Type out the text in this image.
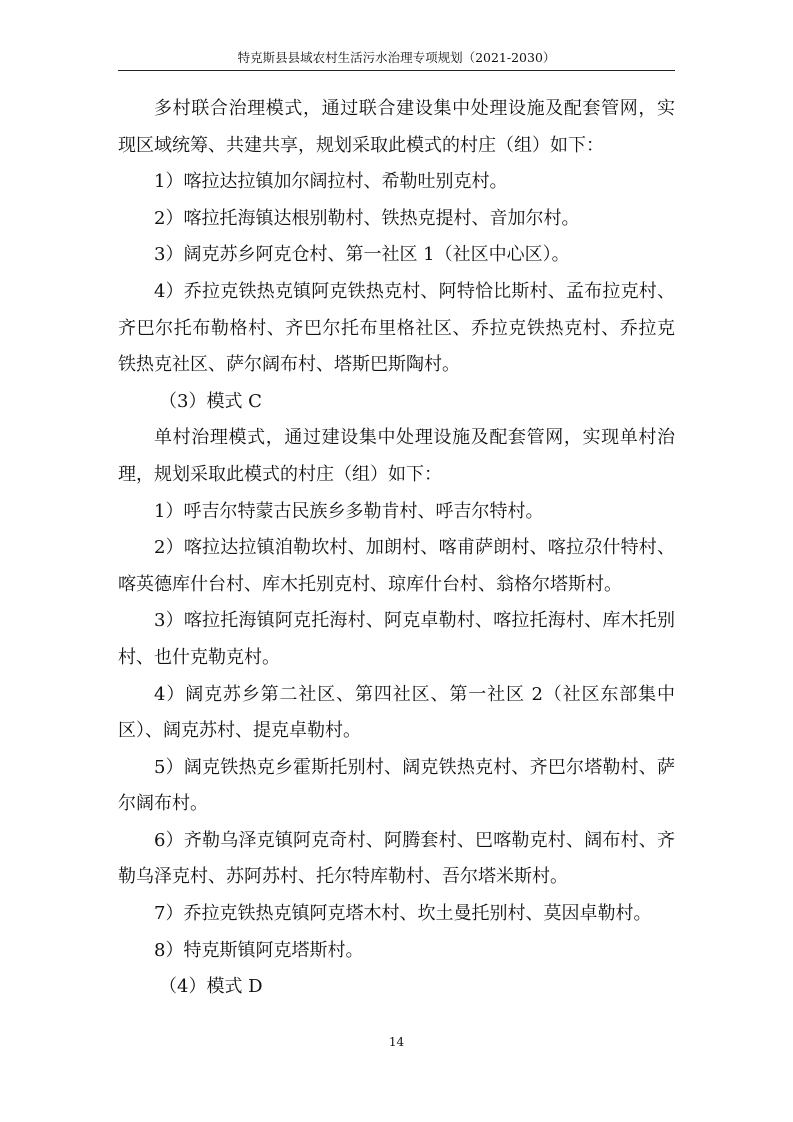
特克斯县县域农村生活污水治理专项规划（2021-2030）

多村联合治理模式，通过联合建设集中处理设施及配套管网，实现区域统筹、共建共享，规划采取此模式的村庄（组）如下：

1）喀拉达拉镇加尔阔拉村、希勒吐别克村。

2）喀拉托海镇达根别勒村、铁热克提村、音加尔村。

3）阔克苏乡阿克仓村、第一社区 1（社区中心区）。

4）乔拉克铁热克镇阿克铁热克村、阿特恰比斯村、孟布拉克村、齐巴尔托布勒格村、齐巴尔托布里格社区、乔拉克铁热克村、乔拉克铁热克社区、萨尔阔布村、塔斯巴斯陶村。

（3）模式 C

单村治理模式，通过建设集中处理设施及配套管网，实现单村治理，规划采取此模式的村庄（组）如下：

1）呼吉尔特蒙古民族乡多勒肯村、呼吉尔特村。

2）喀拉达拉镇洎勒坎村、加朗村、喀甫萨朗村、喀拉尕什特村、喀英德库什台村、库木托别克村、琼库什台村、翁格尔塔斯村。

3）喀拉托海镇阿克托海村、阿克卓勒村、喀拉托海村、库木托别村、也什克勒克村。

4）阔克苏乡第二社区、第四社区、第一社区 2（社区东部集中区）、阔克苏村、提克卓勒村。

5）阔克铁热克乡霍斯托别村、阔克铁热克村、齐巴尔塔勒村、萨尔阔布村。

6）齐勒乌泽克镇阿克奇村、阿腾套村、巴喀勒克村、阔布村、齐勒乌泽克村、苏阿苏村、托尔特库勒村、吾尔塔米斯村。

7）乔拉克铁热克镇阿克塔木村、坎土曼托别村、莫因卓勒村。

8）特克斯镇阿克塔斯村。

（4）模式 D

14
